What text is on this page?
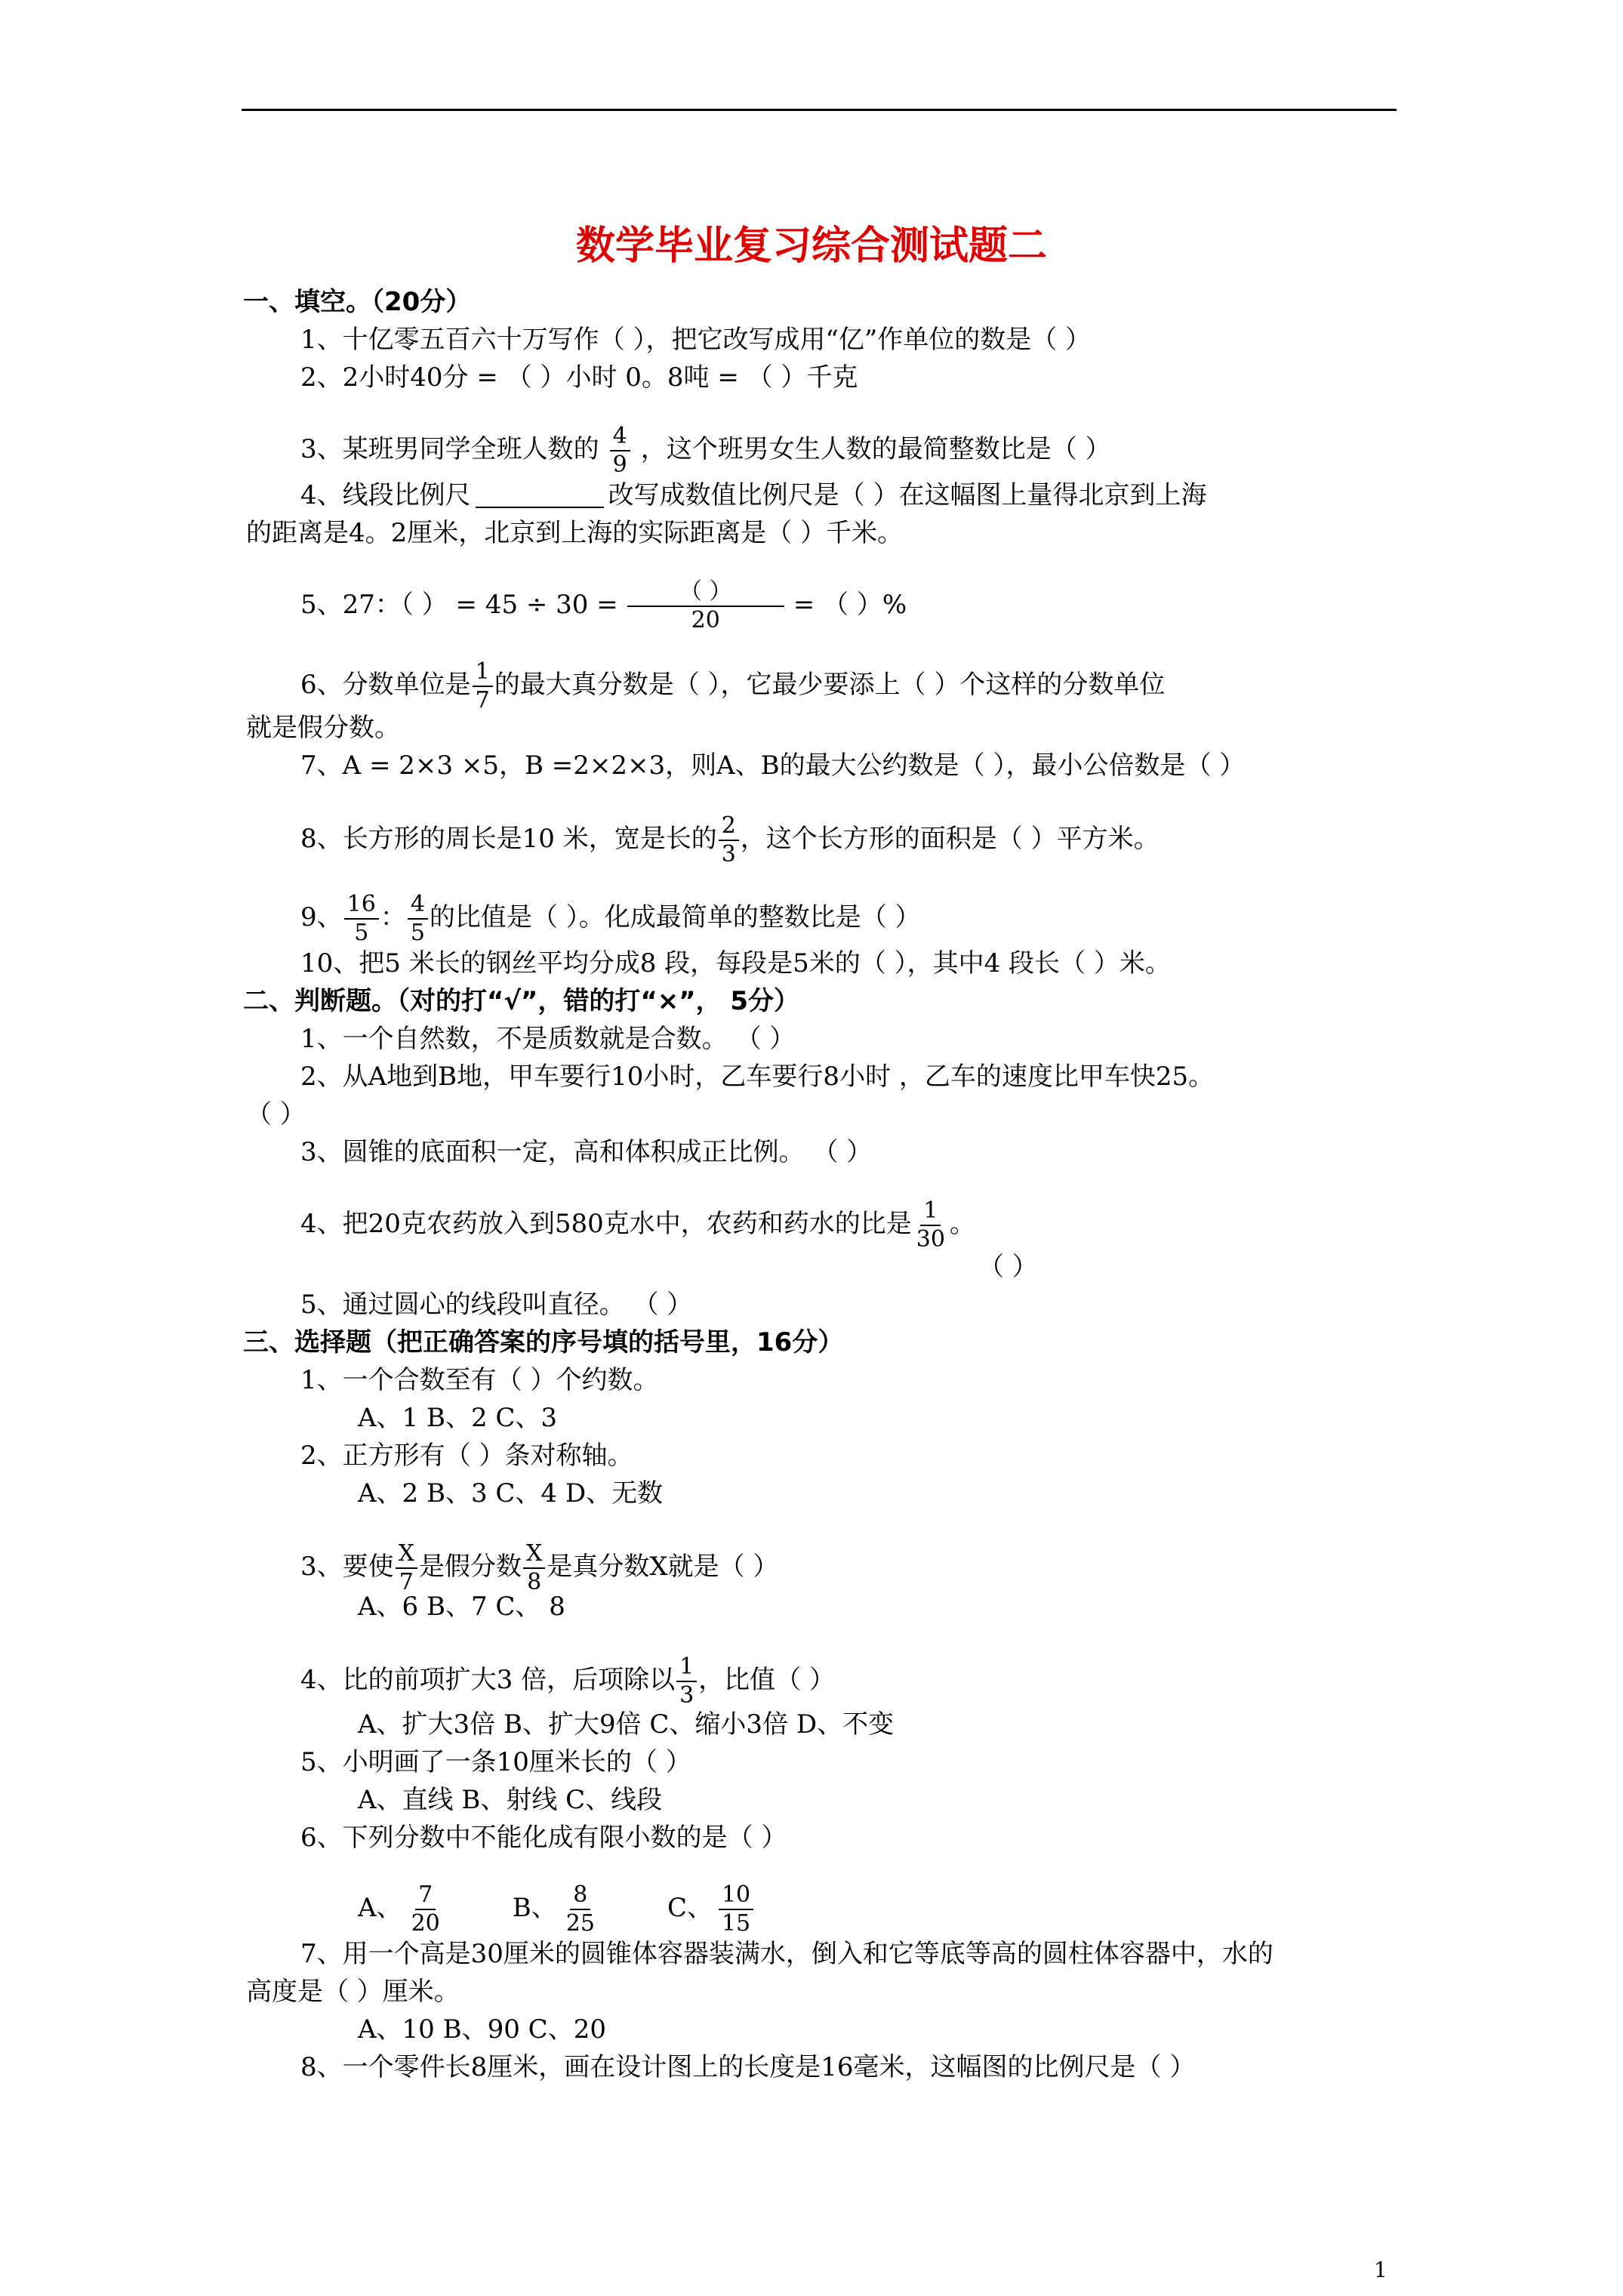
数学毕业复习综合测试题二
一、填空。（20分）
1、十亿零五百六十万写作（ ），把它改写成用“亿”作单位的数是（ ）
2、2小时40分 = （ ）小时 0。8吨 = （ ）千克
3、某班男同学全班人数的 $\frac{4}{9}$ ，这个班男女生人数的最简整数比是（ ）
4、线段比例尺	改写成数值比例尺是（ ）在这幅图上量得北京到上海
的距离是4。2厘米，北京到上海的实际距离是（ ）千米。
5、27：（ ） = $45 \div 30 = \frac{( )}{20}$ = （ ）%
6、分数单位是 $\frac{1}{7}$ 的最大真分数是（ ），它最少要添上（ ）个这样的分数单位
就是假分数。
7、A = 2×3 ×5，B =2×2×3，则A、B的最大公约数是（ ），最小公倍数是（ ）
8、长方形的周长是10 米，宽是长的 $\frac{2}{3}$ ，这个长方形的面积是（ ）平方米。
9、 $\frac{16}{5}$ ： $\frac{4}{5}$ 的比值是（ ）。化成最简单的整数比是（ ）
10、把5 米长的钢丝平均分成8 段，每段是5米的（ ），其中4 段长（ ）米。
二、判断题。（对的打“√”，错的打“×”， 5分）
1、一个自然数，不是质数就是合数。 （ ）
2、从A地到B地，甲车要行10小时，乙车要行8小时 ，乙车的速度比甲车快25。
（ ）
3、圆锥的底面积一定，高和体积成正比例。 （ ）
4、把20克农药放入到580克水中，农药和药水的比是 $\frac{1}{30}$ 。
（ ）
5、通过圆心的线段叫直径。 （ ）
三、选择题（把正确答案的序号填的括号里，16分）
1、一个合数至有（ ）个约数。
A、1 B、2 C、3
2、正方形有（ ）条对称轴。
A、2 B、3 C、4 D、无数
3、要使 $\frac{X}{7}$ 是假分数 $\frac{X}{8}$ 是真分数X就是（ ）
A、6 B、7 C、 8
4、比的前项扩大3 倍，后项除以 $\frac{1}{3}$ ，比值（ ）
A、扩大3倍 B、扩大9倍 C、缩小3倍 D、不变
5、小明画了一条10厘米长的（ ）
A、直线 B、射线 C、线段
6、下列分数中不能化成有限小数的是（ ）
A、 $\frac{7}{20}$	B、 $\frac{8}{25}$	C、 $\frac{10}{15}$
7、用一个高是30厘米的圆锥体容器装满水，倒入和它等底等高的圆柱体容器中，水的
高度是（ ）厘米。
A、10 B、90 C、20
8、一个零件长8厘米，画在设计图上的长度是16毫米，这幅图的比例尺是（ ）
1
